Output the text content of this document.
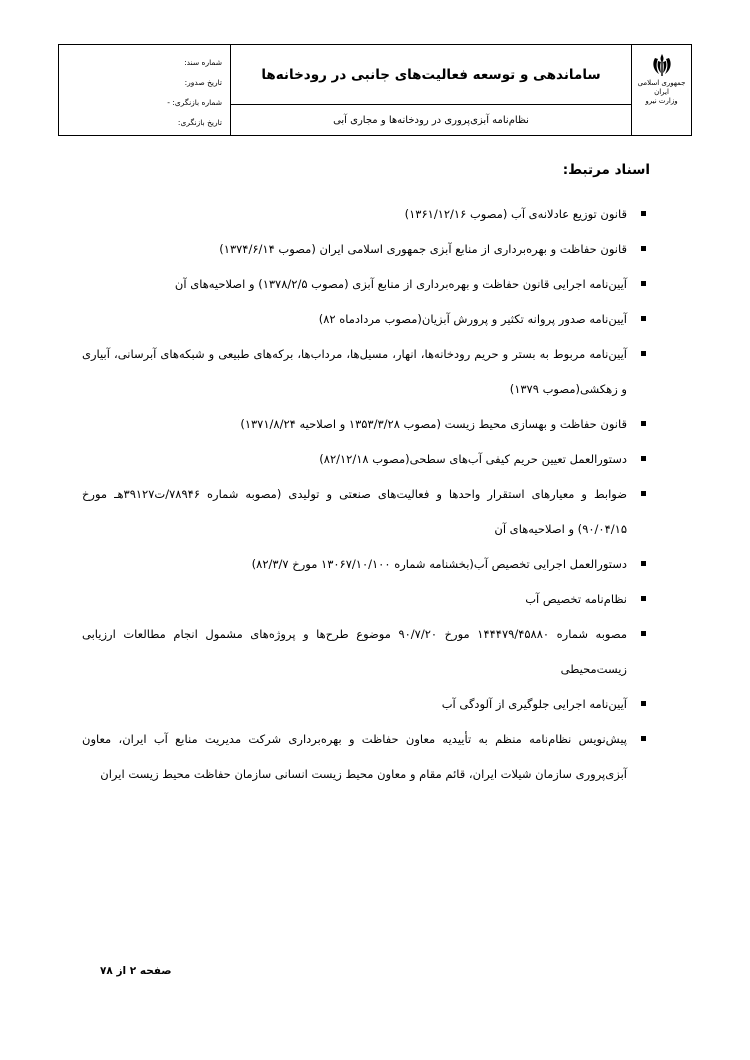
جمهوری اسلامی ایران
وزارت نیرو
ساماندهی و توسعه فعالیت‌های جانبی در رودخانه‌ها
نظام‌نامه آبزی‌پروری در رودخانه‌ها و مجاری آبی
شماره سند:
تاریخ صدور:
شماره بازنگری: -
تاریخ بازنگری:
اسناد مرتبط:
قانون توزیع عادلانه‌ی آب (مصوب ۱۳۶۱/۱۲/۱۶)
قانون حفاظت و بهره‌برداری از منابع آبزی جمهوری اسلامی ایران (مصوب ۱۳۷۴/۶/۱۴)
آیین‌نامه اجرایی قانون حفاظت و بهره‌برداری از منابع آبزی (مصوب ۱۳۷۸/۲/۵) و اصلاحیه‌های آن
آیین‌نامه صدور پروانه تکثیر و پرورش آبزیان(مصوب مردادماه ۸۲)
آیین‌نامه مربوط به بستر و حریم رودخانه‌ها، انهار، مسیل‌ها، مرداب‌ها، برکه‌های طبیعی و شبکه‌های آبرسانی، آبیاری و زهکشی(مصوب ۱۳۷۹)
قانون حفاظت و بهسازی محیط زیست (مصوب ۱۳۵۳/۳/۲۸ و اصلاحیه ۱۳۷۱/۸/۲۴)
دستورالعمل تعیین حریم کیفی آب‌های سطحی(مصوب ۸۲/۱۲/۱۸)
ضوابط و معیارهای استقرار واحدها و فعالیت‌های صنعتی و تولیدی (مصوبه شماره ۷۸۹۴۶/ت۳۹۱۲۷هـ مورخ ۹۰/۰۴/۱۵) و اصلاحیه‌های آن
دستورالعمل اجرایی تخصیص آب(بخشنامه شماره ۱۳۰۶۷/۱۰/۱۰۰ مورخ ۸۲/۳/۷)
نظام‌نامه تخصیص آب
مصوبه شماره ۱۴۴۴۷۹/۴۵۸۸۰ مورخ ۹۰/۷/۲۰ موضوع طرح‌ها و پروژه‌های مشمول انجام مطالعات ارزیابی زیست‌محیطی
آیین‌نامه اجرایی جلوگیری از آلودگی آب
پیش‌نویس نظام‌نامه منظم به تأییدیه معاون حفاظت و بهره‌برداری شرکت مدیریت منابع آب ایران، معاون آبزی‌پروری سازمان شیلات ایران، قائم مقام و معاون محیط زیست انسانی سازمان حفاظت محیط زیست ایران
صفحه ۲ از ۷۸
